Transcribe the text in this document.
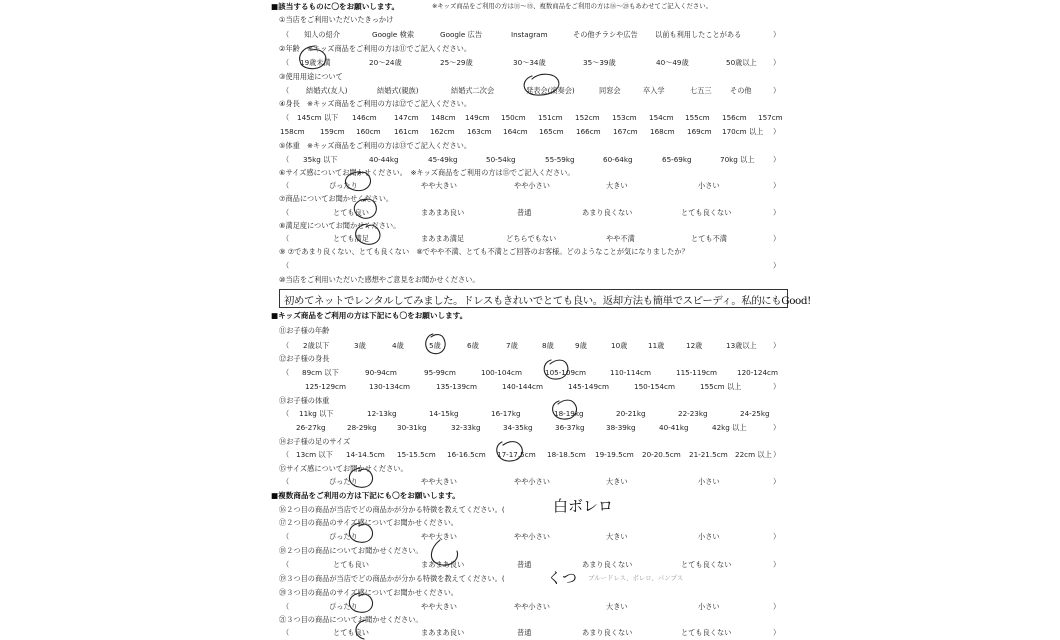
■該当するものに〇をお願いします。	※キッズ商品をご利用の方は⑪～⑮、複数商品をご利用の方は⑯～⑳もあわせてご記入ください。
①当店をご利用いただいたきっかけ
（ 知人の紹介	Google 検索	Google 広告	Instagram	その他チラシや広告 以前も利用したことがある	）
②年齢　※キッズ商品をご利用の方は⑪でご記入ください。
（ 19歳未満	20～24歳	25～29歳	30～34歳	35～39歳	40～49歳	50歳以上 ）
③使用用途について
（ 結婚式(友人)	結婚式(親族)	結婚式二次会	発表会(演奏会)	同窓会	卒入学	七五三	その他	）
④身長　※キッズ商品をご利用の方は⑫でご記入ください。
（ 145cm 以下 146cm 147cm 148cm 149cm 150cm 151cm 152cm 153cm 154cm 155cm 156cm 157cm
158cm 159cm 160cm 161cm 162cm 163cm 164cm 165cm 166cm 167cm 168cm 169cm 170cm 以上 ）
⑤体重　※キッズ商品をご利用の方は⑬でご記入ください。
（ 35kg 以下	40-44kg	45-49kg	50-54kg	55-59kg	60-64kg	65-69kg	70kg 以上	）
⑥サイズ感についてお聞かせください。　※キッズ商品をご利用の方は⑮でご記入ください。
（	ぴったり	やや大きい	やや小さい	大きい	小さい	）
⑦商品についてお聞かせください。
（	とても良い	まあまあ良い	普通	あまり良くない	とても良くない	）
⑧満足度についてお聞かせください。
（	とても満足	まあまあ満足	どちらでもない	やや不満	とても不満	）
⑨ ⑦であまり良くない、とても良くない　⑧でやや不満、とても不満とご回答のお客様。どのようなことが気になりましたか？
（	）
⑩当店をご利用いただいた感想やご意見をお聞かせください。
初めてネットでレンタルしてみました。ドレスもきれいでとても良い。返却方法も簡単でスピーディ。私的にもGood!
■キッズ商品をご利用の方は下記にも〇をお願いします。
⑪お子様の年齢
（ 2歳以下	3歳	4歳	5歳	6歳	7歳	8歳	9歳	10歳	11歳	12歳	13歳以上 ）
⑫お子様の身長
（ 89cm 以下	90-94cm	95-99cm	100-104cm	105-109cm	110-114cm	115-119cm	120-124cm
125-129cm	130-134cm	135-139cm	140-144cm	145-149cm	150-154cm	155cm 以上	）
⑬お子様の体重
（ 11kg 以下	12-13kg	14-15kg	16-17kg	18-19kg	20-21kg	22-23kg	24-25kg
26-27kg	28-29kg	30-31kg	32-33kg	34-35kg	36-37kg	38-39kg	40-41kg	42kg 以上	）
⑭お子様の足のサイズ
（ 13cm 以下 14-14.5cm 15-15.5cm 16-16.5cm 17-17.5cm 18-18.5cm 19-19.5cm 20-20.5cm 21-21.5cm 22cm 以上 ）
⑮サイズ感についてお聞かせください。
（	ぴったり	やや大きい	やや小さい	大きい	小さい	）
■複数商品をご利用の方は下記にも〇をお願いします。
⑯２つ目の商品が当店でどの商品かが分かる特徴を教えてください。(	白ボレロ
⑰２つ目の商品のサイズ感についてお聞かせください。
（	ぴったり	やや大きい	やや小さい	大きい	小さい	）
⑱２つ目の商品についてお聞かせください。
（	とても良い	まあまあ良い	普通	あまり良くない	とても良くない	）
⑲３つ目の商品が当店でどの商品かが分かる特徴を教えてください。(	くつ ブルードレス、ボレロ、パンプス
⑳３つ目の商品のサイズ感についてお聞かせください。
（	ぴったり	やや大きい	やや小さい	大きい	小さい	）
㉑３つ目の商品についてお聞かせください。
（	とても良い	まあまあ良い	普通	あまり良くない	とても良くない	）
